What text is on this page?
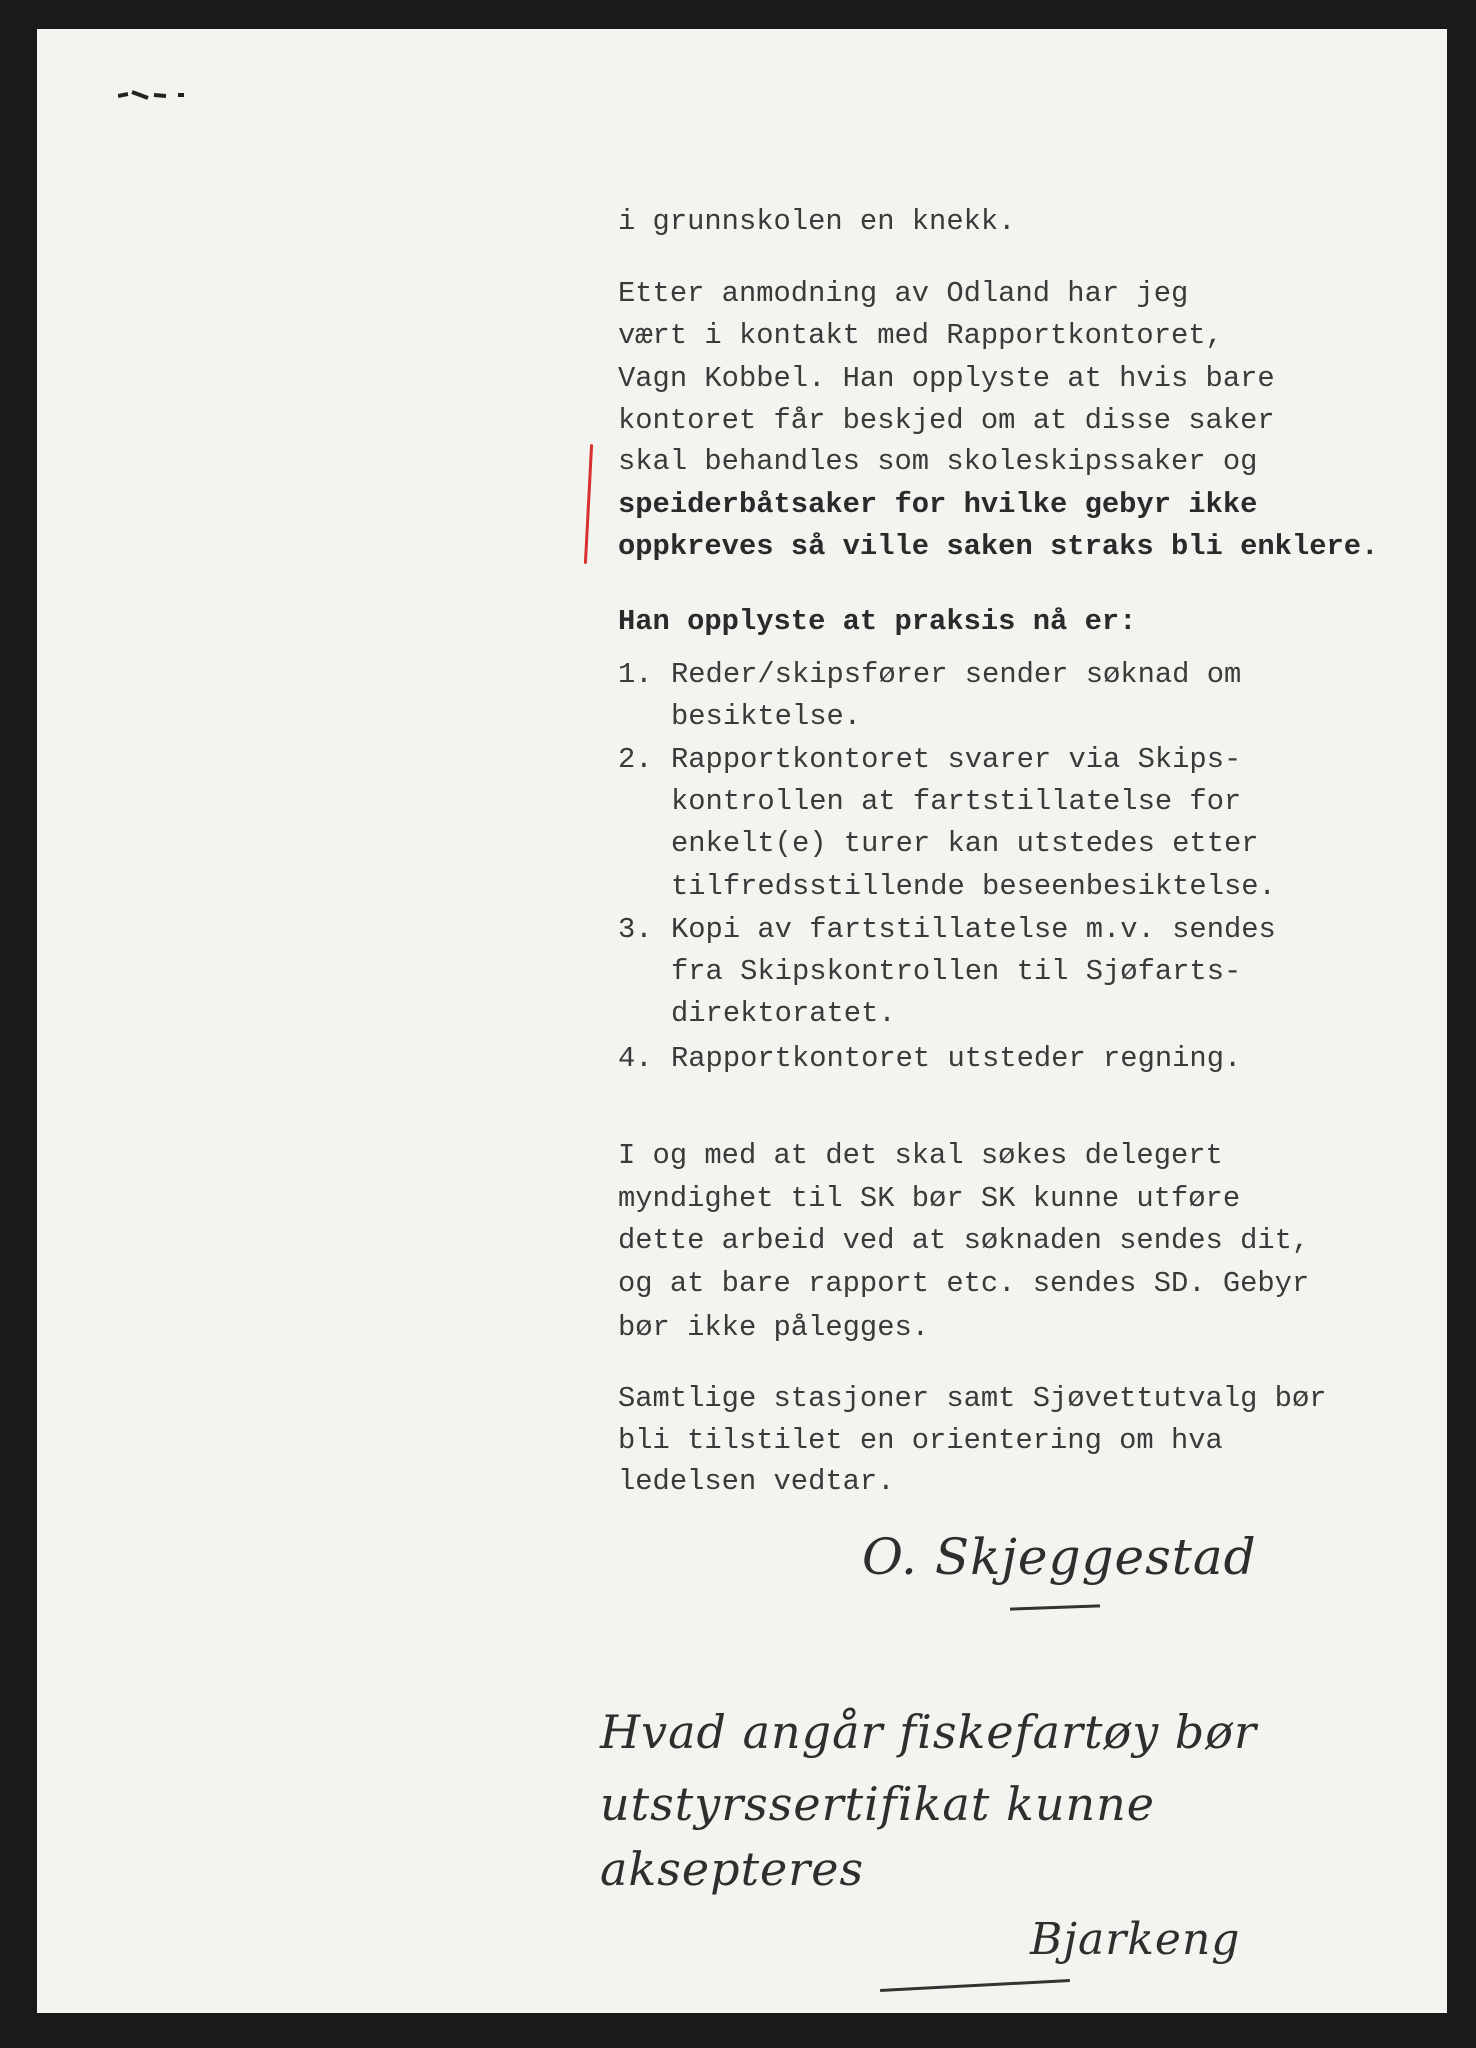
i grunnskolen en knekk.
Etter anmodning av Odland har jeg
vært i kontakt med Rapportkontoret,
Vagn Kobbel. Han opplyste at hvis bare
kontoret får beskjed om at disse saker
skal behandles som skoleskipssaker og
speiderbåtsaker for hvilke gebyr ikke
oppkreves så ville saken straks bli enklere.
Han opplyste at praksis nå er:
1. Reder/skipsfører sender søknad om
besiktelse.
2. Rapportkontoret svarer via Skips-
kontrollen at fartstillatelse for
enkelt(e) turer kan utstedes etter
tilfredsstillende beseenbesiktelse.
3. Kopi av fartstillatelse m.v. sendes
fra Skipskontrollen til Sjøfarts-
direktoratet.
4. Rapportkontoret utsteder regning.
I og med at det skal søkes delegert
myndighet til SK bør SK kunne utføre
dette arbeid ved at søknaden sendes dit,
og at bare rapport etc. sendes SD. Gebyr
bør ikke pålegges.
Samtlige stasjoner samt Sjøvettutvalg bør
bli tilstilet en orientering om hva
ledelsen vedtar.
O. Skjeggestad
Hvad angår fiskefartøy bør
utstyrssertifikat kunne
aksepteres
Bjarkeng
